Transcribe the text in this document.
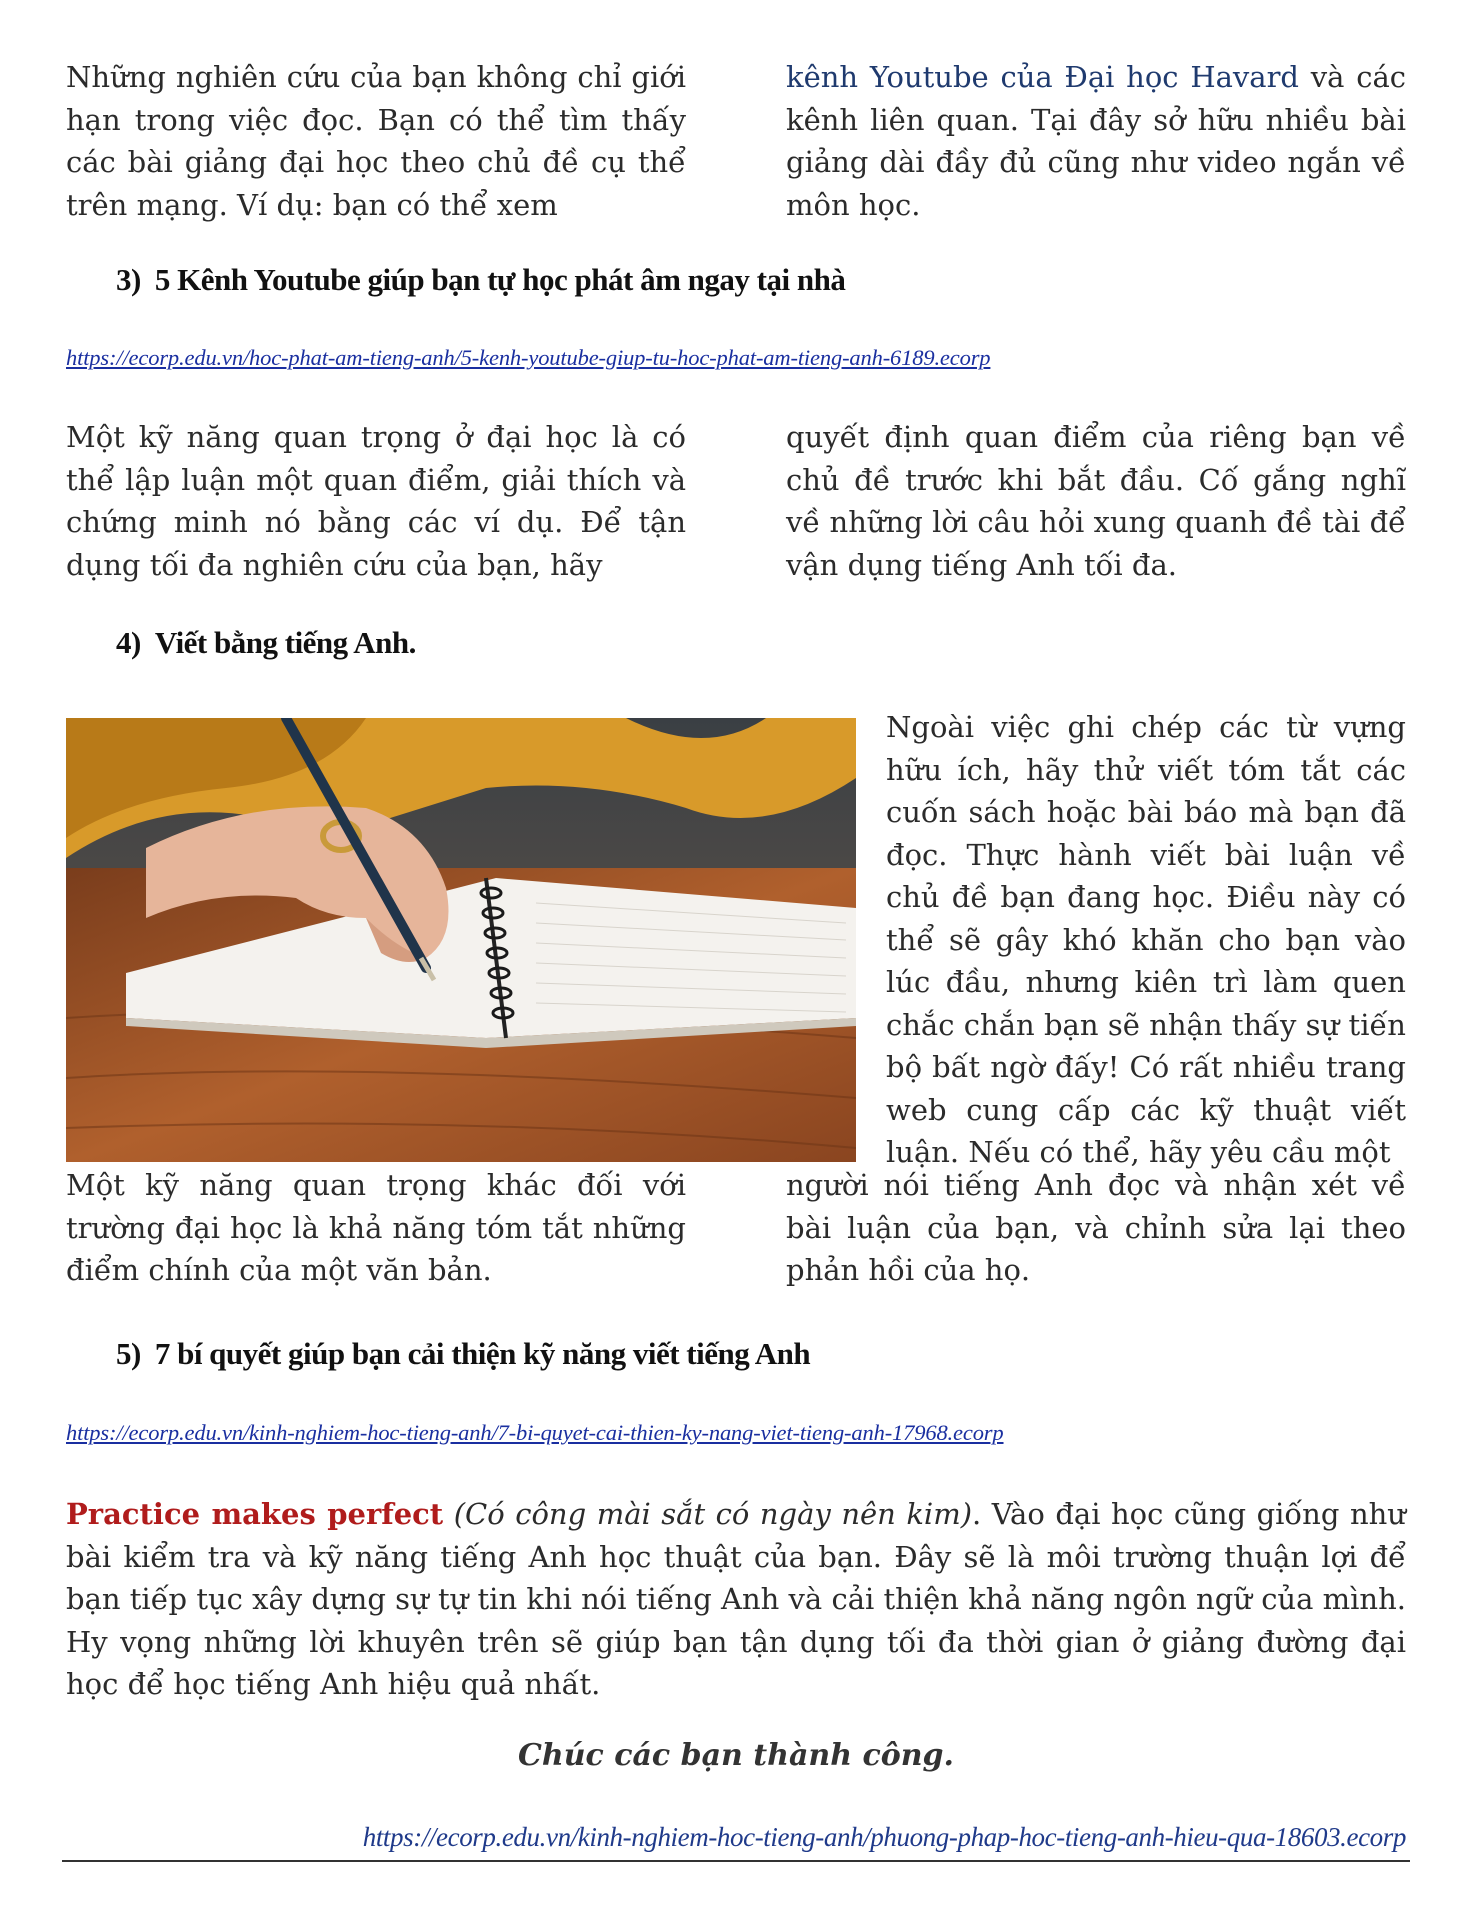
Những nghiên cứu của bạn không chỉ giới hạn trong việc đọc. Bạn có thể tìm thấy các bài giảng đại học theo chủ đề cụ thể trên mạng. Ví dụ: bạn có thể xem

kênh Youtube của Đại học Havard và các kênh liên quan. Tại đây sở hữu nhiều bài giảng dài đầy đủ cũng như video ngắn về môn học.

3) 5 Kênh Youtube giúp bạn tự học phát âm ngay tại nhà
https://ecorp.edu.vn/hoc-phat-am-tieng-anh/5-kenh-youtube-giup-tu-hoc-phat-am-tieng-anh-6189.ecorp

Một kỹ năng quan trọng ở đại học là có thể lập luận một quan điểm, giải thích và chứng minh nó bằng các ví dụ. Để tận dụng tối đa nghiên cứu của bạn, hãy

quyết định quan điểm của riêng bạn về chủ đề trước khi bắt đầu. Cố gắng nghĩ về những lời câu hỏi xung quanh đề tài để vận dụng tiếng Anh tối đa.

4) Viết bằng tiếng Anh.

Ngoài việc ghi chép các từ vựng hữu ích, hãy thử viết tóm tắt các cuốn sách hoặc bài báo mà bạn đã đọc. Thực hành viết bài luận về chủ đề bạn đang học. Điều này có thể sẽ gây khó khăn cho bạn vào lúc đầu, nhưng kiên trì làm quen chắc chắn bạn sẽ nhận thấy sự tiến bộ bất ngờ đấy! Có rất nhiều trang web cung cấp các kỹ thuật viết luận. Nếu có thể, hãy yêu cầu một

Một kỹ năng quan trọng khác đối với trường đại học là khả năng tóm tắt những điểm chính của một văn bản.

người nói tiếng Anh đọc và nhận xét về bài luận của bạn, và chỉnh sửa lại theo phản hồi của họ.

5) 7 bí quyết giúp bạn cải thiện kỹ năng viết tiếng Anh
https://ecorp.edu.vn/kinh-nghiem-hoc-tieng-anh/7-bi-quyet-cai-thien-ky-nang-viet-tieng-anh-17968.ecorp

Practice makes perfect (Có công mài sắt có ngày nên kim). Vào đại học cũng giống như bài kiểm tra và kỹ năng tiếng Anh học thuật của bạn. Đây sẽ là môi trường thuận lợi để bạn tiếp tục xây dựng sự tự tin khi nói tiếng Anh và cải thiện khả năng ngôn ngữ của mình. Hy vọng những lời khuyên trên sẽ giúp bạn tận dụng tối đa thời gian ở giảng đường đại học để học tiếng Anh hiệu quả nhất.

Chúc các bạn thành công.

https://ecorp.edu.vn/kinh-nghiem-hoc-tieng-anh/phuong-phap-hoc-tieng-anh-hieu-qua-18603.ecorp
